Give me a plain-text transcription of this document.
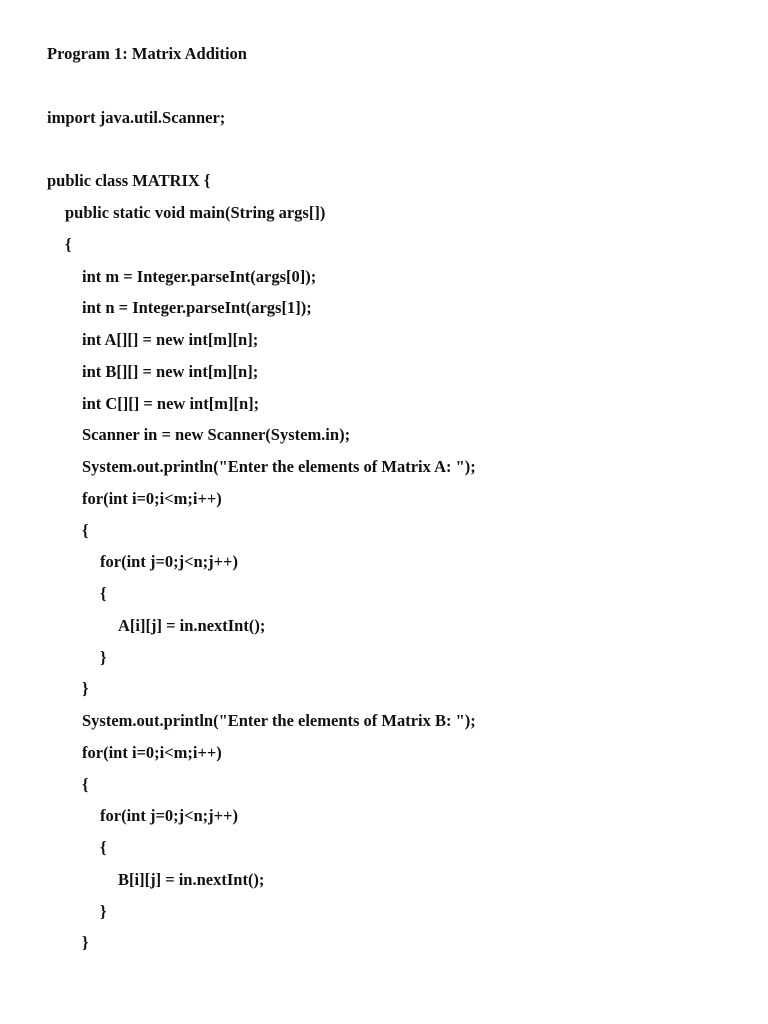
Program 1: Matrix Addition
import java.util.Scanner;
public class MATRIX {
public static void main(String args[])
{
int m = Integer.parseInt(args[0]);
int n = Integer.parseInt(args[1]);
int A[][] = new int[m][n];
int B[][] = new int[m][n];
int C[][] = new int[m][n];
Scanner in = new Scanner(System.in);
System.out.println("Enter the elements of Matrix A: ");
for(int i=0;i<m;i++)
{
for(int j=0;j<n;j++)
{
A[i][j] = in.nextInt();
}
}
System.out.println("Enter the elements of Matrix B: ");
for(int i=0;i<m;i++)
{
for(int j=0;j<n;j++)
{
B[i][j] = in.nextInt();
}
}
